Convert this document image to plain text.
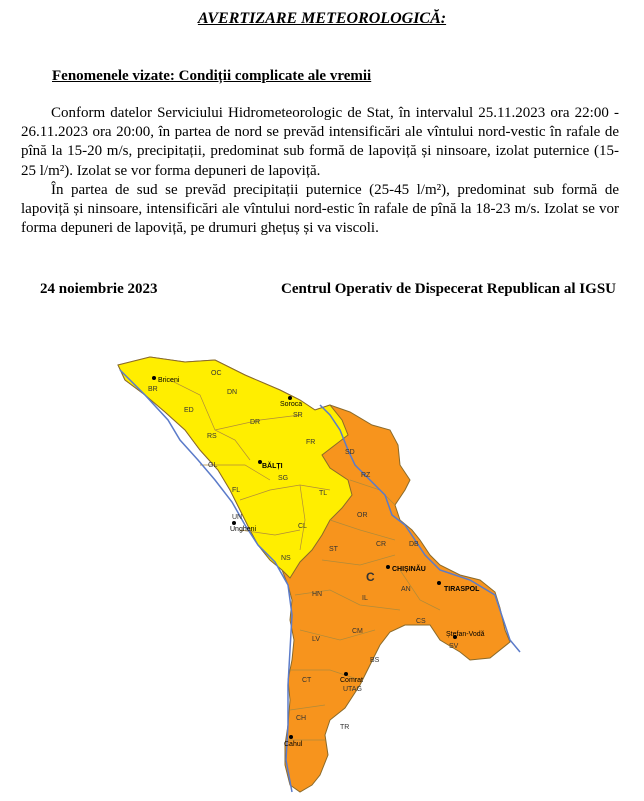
AVERTIZARE METEOROLOGICĂ:
Fenomenele vizate: Condiții complicate ale vremii

Conform datelor Serviciului Hidrometeorologic de Stat, în intervalul 25.11.2023 ora 22:00 - 26.11.2023 ora 20:00, în partea de nord se prevăd intensificări ale vîntului nord-vestic în rafale de pînă la 15-20 m/s, precipitații, predominat sub formă de lapoviță și ninsoare, izolat puternice (15-25 l/m²). Izolat se vor forma depuneri de lapoviță.

În partea de sud se prevăd precipitații puternice (25-45 l/m²), predominat sub formă de lapoviță și ninsoare, intensificări ale vîntului nord-estic în rafale de pînă la 18-23 m/s. Izolat se vor forma depuneri de lapoviță, pe drumuri ghețuș și va viscoli.

24 noiembrie 2023	Centrul Operativ de Dispecerat Republican al IGSU
Briceni
Soroca
BĂLȚI
Ungheni
CHIȘINĂU
TIRASPOL
Ștefan-Vodă
Comrat
Cahul
OC
BR	DN
ED
SR
DR
RS
FR
SD
GL
RZ
SG
FL	TL
UN	OR
CL
CR	DB
ST
NS
AN
C
HN
IL
CS
CM
LV
BS
SV
CT
UTAG
CH
TR
